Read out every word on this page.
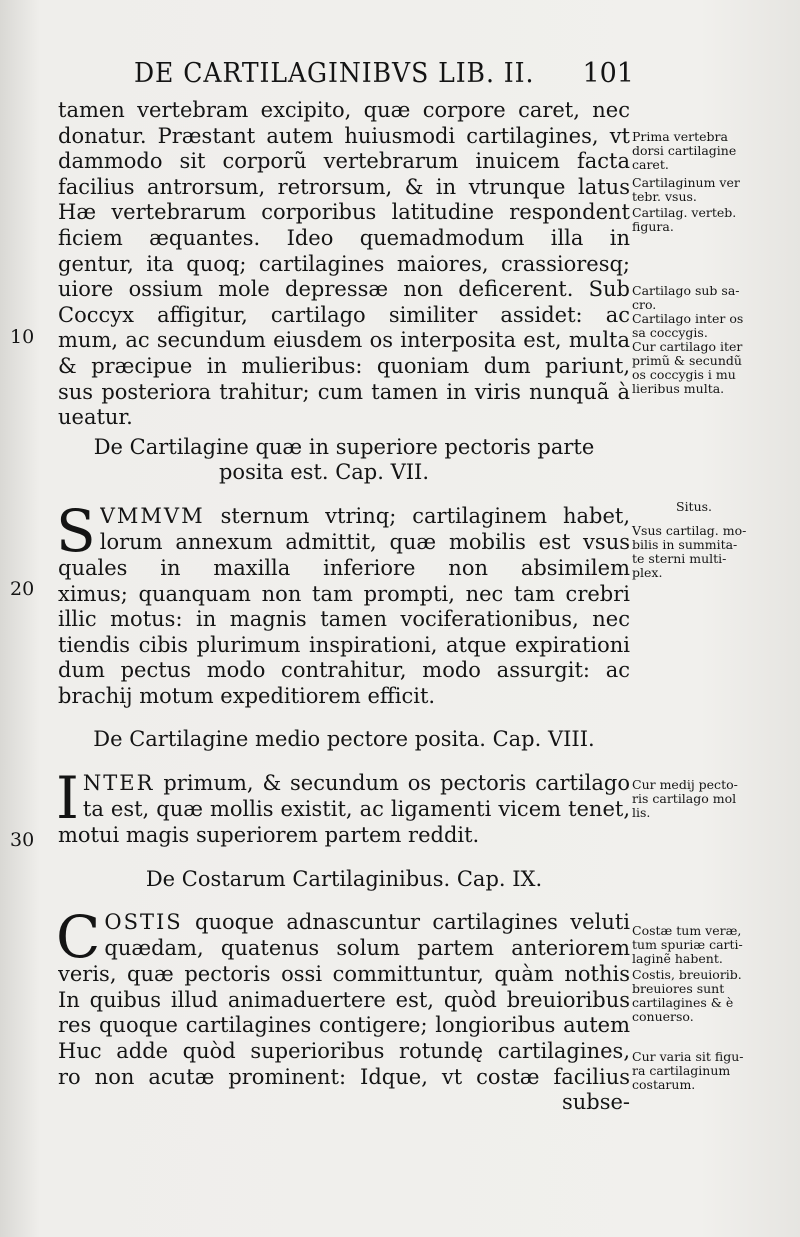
DE CARTILAGINIBVS LIB. II. 101
tamen vertebram excipito, quæ corpore caret, nec
donatur. Præstant autem huiusmodi cartilagines, vt
dammodo sit corporũ vertebrarum inuicem facta
facilius antrorsum, retrorsum, & in vtrunque latus
Hæ vertebrarum corporibus latitudine respondent
ficiem æquantes. Ideo quemadmodum illa in
gentur, ita quoq; cartilagines maiores, crassioresq;
uiore ossium mole depressæ non deficerent. Sub
Coccyx affigitur, cartilago similiter assidet: ac
mum, ac secundum eiusdem os interposita est, multa
& præcipue in mulieribus: quoniam dum pariunt,
sus posteriora trahitur; cum tamen in viris nunquã à
ueatur.
De Cartilagine quæ in superiore pectoris parte
posita est. Cap. VII.
S VMMVM sternum vtrinq; cartilaginem habet,
lorum annexum admittit, quæ mobilis est vsus
quales in maxilla inferiore non absimilem
ximus; quanquam non tam prompti, nec tam crebri
illic motus: in magnis tamen vociferationibus, nec
tiendis cibis plurimum inspirationi, atque expirationi
dum pectus modo contrahitur, modo assurgit: ac
brachij motum expeditiorem efficit.
De Cartilagine medio pectore posita. Cap. VIII.
I NTER primum, & secundum os pectoris cartilago
ta est, quæ mollis existit, ac ligamenti vicem tenet,
motui magis superiorem partem reddit.
De Costarum Cartilaginibus. Cap. IX.
C OSTIS quoque adnascuntur cartilagines veluti
quædam, quatenus solum partem anteriorem
veris, quæ pectoris ossi committuntur, quàm nothis
In quibus illud animaduertere est, quòd breuioribus
res quoque cartilagines contigere; longioribus autem
Huc adde quòd superioribus rotundę cartilagines,
ro non acutæ prominent: Idque, vt costæ facilius
subse-
10
20
30
Prima vertebra
dorsi cartilagine
caret.
Cartilaginum ver
tebr. vsus.
Cartilag. verteb.
figura.
Cartilago sub sa-
cro.
Cartilago inter os
sa coccygis.
Cur cartilago iter
primũ & secundũ
os coccygis i mu
lieribus multa.
Situs.
Vsus cartilag. mo-
bilis in summita-
te sterni multi-
plex.
Cur medij pecto-
ris cartilago mol
lis.
Costæ tum veræ,
tum spuriæ carti-
laginẽ habent.
Costis, breuiorib.
breuiores sunt
cartilagines & è
conuerso.
Cur varia sit figu-
ra cartilaginum
costarum.
